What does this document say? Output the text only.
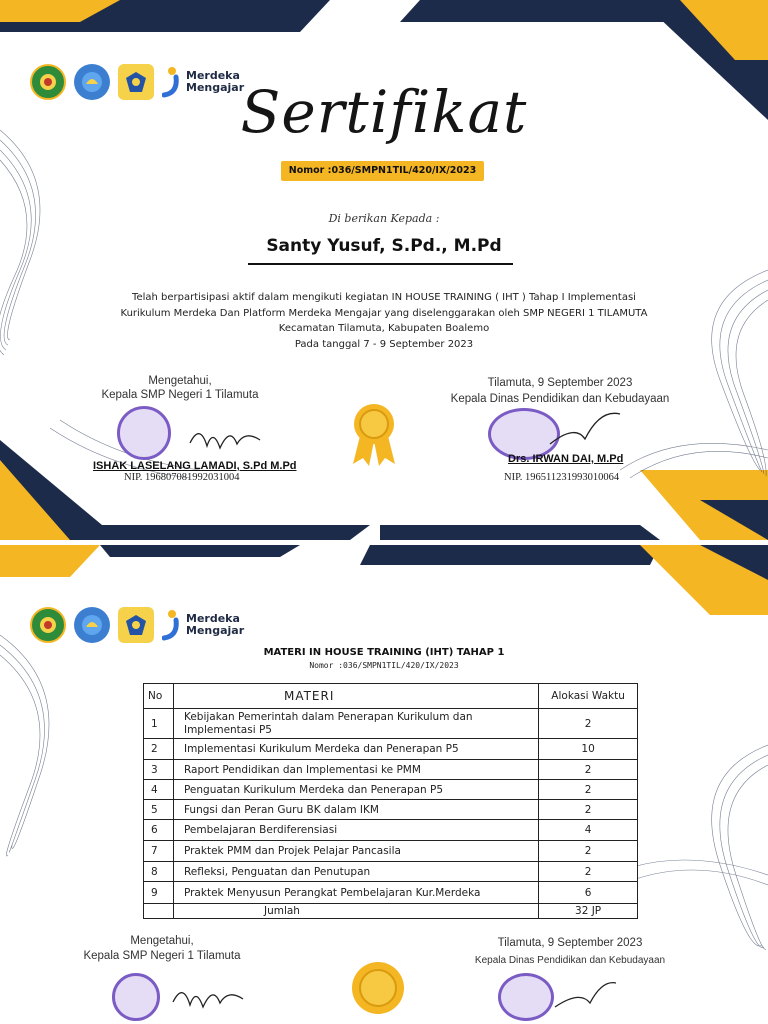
Merdeka
Mengajar
Sertifikat
Nomor :036/SMPN1TIL/420/IX/2023
Di berikan Kepada :
Santy Yusuf, S.Pd., M.Pd
Telah berpartisipasi aktif dalam mengikuti kegiatan IN HOUSE TRAINING ( IHT ) Tahap I Implementasi
Kurikulum Merdeka Dan Platform Merdeka Mengajar yang diselenggarakan oleh SMP NEGERI 1 TILAMUTA
Kecamatan Tilamuta, Kabupaten Boalemo
Pada tanggal 7 - 9 September 2023
Mengetahui,
Kepala SMP Negeri 1 Tilamuta
ISHAK LASELANG LAMADI, S.Pd M.Pd
NIP. 196807081992031004
Tilamuta, 9 September 2023
Kepala Dinas Pendidikan dan Kebudayaan
Drs. IRWAN DAI, M.Pd
NIP. 196511231993010064
Merdeka
Mengajar
MATERI IN HOUSE TRAINING (IHT) TAHAP 1
Nomor :036/SMPN1TIL/420/IX/2023
No	MATERI	Alokasi Waktu
1	Kebijakan Pemerintah dalam Penerapan Kurikulum dan Implementasi P5	2
2	Implementasi Kurikulum Merdeka dan Penerapan P5	10
3	Raport Pendidikan dan Implementasi ke PMM	2
4	Penguatan Kurikulum Merdeka dan Penerapan P5	2
5	Fungsi dan Peran Guru BK dalam IKM	2
6	Pembelajaran Berdiferensiasi	4
7	Praktek PMM dan Projek Pelajar Pancasila	2
8	Refleksi, Penguatan dan Penutupan	2
9	Praktek Menyusun Perangkat Pembelajaran Kur.Merdeka	6
	Jumlah	32 JP
Mengetahui,
Kepala SMP Negeri 1 Tilamuta
Tilamuta, 9 September 2023
Kepala Dinas Pendidikan dan Kebudayaan
